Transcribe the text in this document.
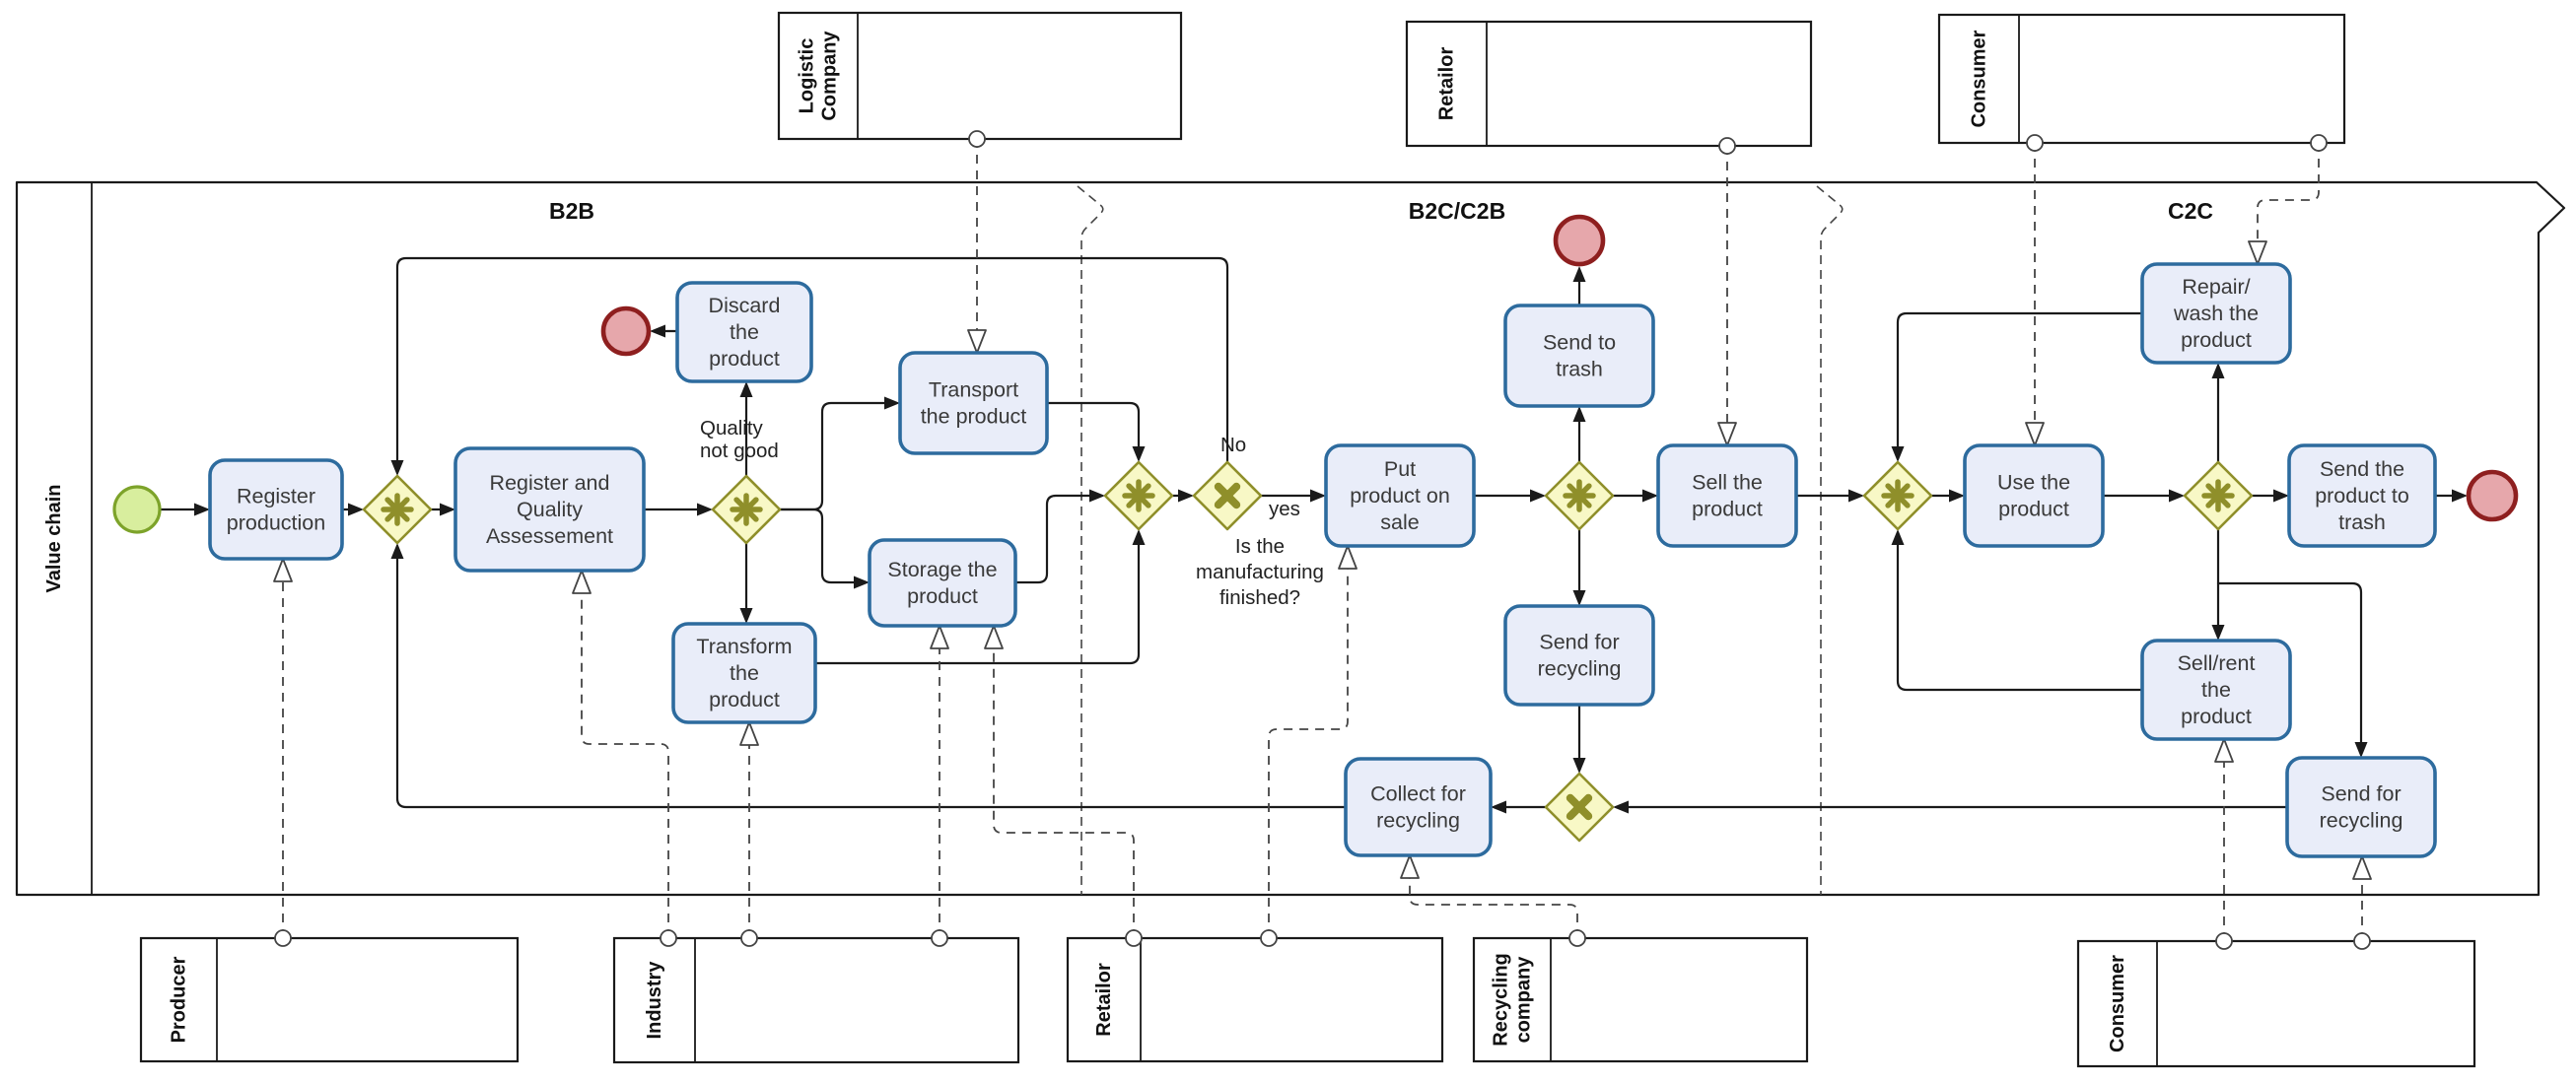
Value chain
B2B	B2C/C2B	C2C
LogisticCompany	Retailor	Consumer
Producer	Industry	Retailor	Recyclingcompany	Consumer
Register production
Register and Quality Assessement
Discard the product
Transport the product
Storage the product
Transform the product
Put product on sale
Send to trash
Send for recycling
Sell the product
Collect for recycling
Use the product
Repair/ wash the product
Send the product to trash
Sell/rent the product
Send for recycling
Quality not good	No
yes
Is the manufacturing finished?
